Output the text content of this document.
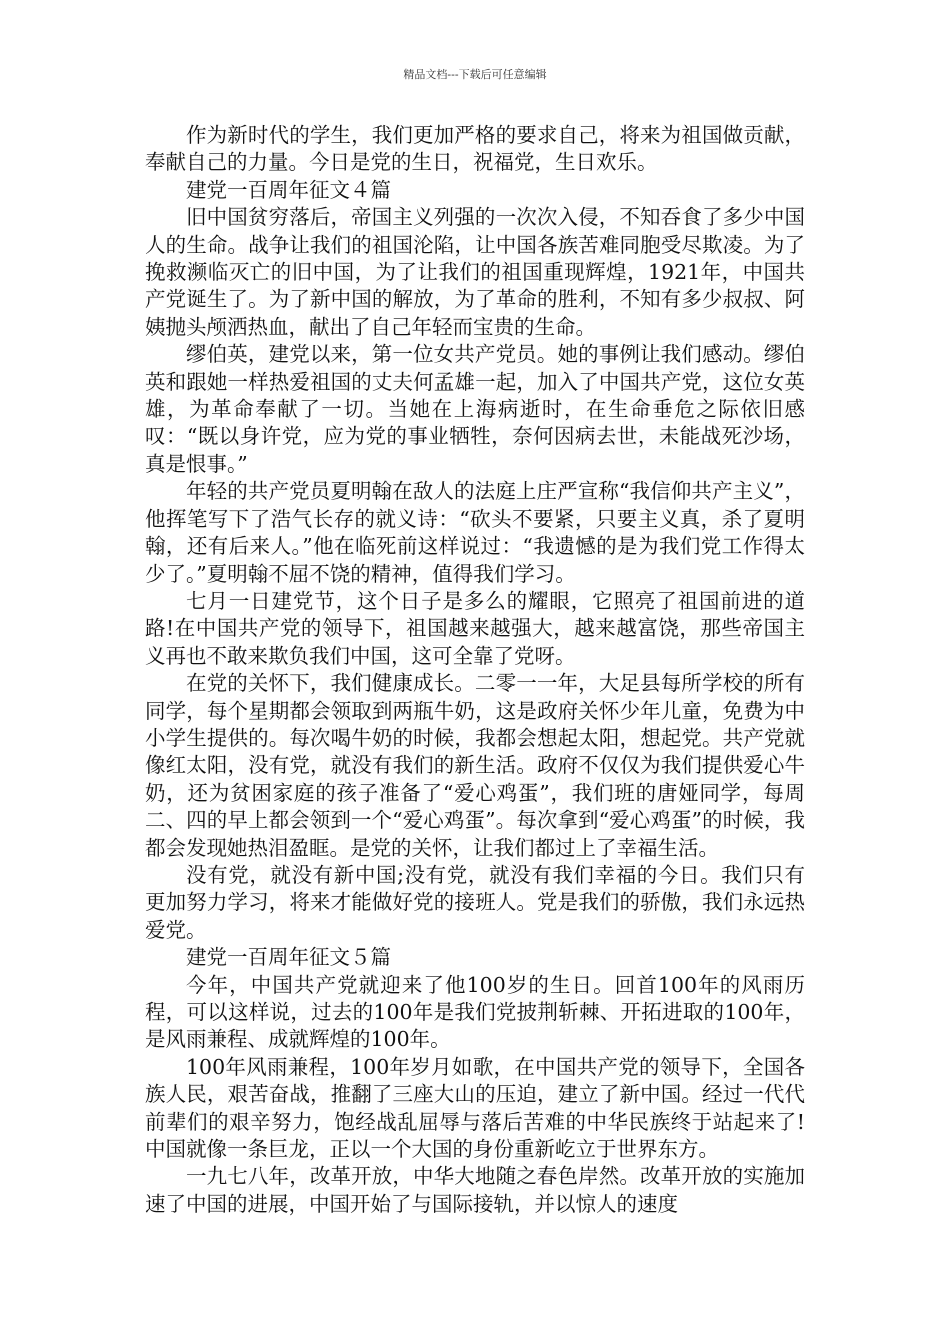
精品文档---下载后可任意编辑

作为新时代的学生，我们更加严格的要求自己，将来为祖国做贡献，奉献自己的力量。今日是党的生日，祝福党，生日欢乐。

建党一百周年征文４篇

旧中国贫穷落后，帝国主义列强的一次次入侵，不知吞食了多少中国人的生命。战争让我们的祖国沦陷，让中国各族苦难同胞受尽欺凌。为了挽救濒临灭亡的旧中国，为了让我们的祖国重现辉煌，1921年，中国共产党诞生了。为了新中国的解放，为了革命的胜利，不知有多少叔叔、阿姨抛头颅洒热血，献出了自己年轻而宝贵的生命。

缪伯英，建党以来，第一位女共产党员。她的事例让我们感动。缪伯英和跟她一样热爱祖国的丈夫何孟雄一起，加入了中国共产党，这位女英雄，为革命奉献了一切。当她在上海病逝时，在生命垂危之际依旧感叹：“既以身许党，应为党的事业牺牲，奈何因病去世，未能战死沙场，真是恨事。”

年轻的共产党员夏明翰在敌人的法庭上庄严宣称“我信仰共产主义”，他挥笔写下了浩气长存的就义诗：“砍头不要紧，只要主义真，杀了夏明翰，还有后来人。”他在临死前这样说过：“我遗憾的是为我们党工作得太少了。”夏明翰不屈不饶的精神，值得我们学习。

七月一日建党节，这个日子是多么的耀眼，它照亮了祖国前进的道路!在中国共产党的领导下，祖国越来越强大，越来越富饶，那些帝国主义再也不敢来欺负我们中国，这可全靠了党呀。

在党的关怀下，我们健康成长。二零一一年，大足县每所学校的所有同学，每个星期都会领取到两瓶牛奶，这是政府关怀少年儿童，免费为中小学生提供的。每次喝牛奶的时候，我都会想起太阳，想起党。共产党就像红太阳，没有党，就没有我们的新生活。政府不仅仅为我们提供爱心牛奶，还为贫困家庭的孩子准备了“爱心鸡蛋”，我们班的唐娅同学，每周二、四的早上都会领到一个“爱心鸡蛋”。每次拿到“爱心鸡蛋”的时候，我都会发现她热泪盈眶。是党的关怀，让我们都过上了幸福生活。

没有党，就没有新中国;没有党，就没有我们幸福的今日。我们只有更加努力学习，将来才能做好党的接班人。党是我们的骄傲，我们永远热爱党。

建党一百周年征文５篇

今年，中国共产党就迎来了他100岁的生日。回首100年的风雨历程，可以这样说，过去的100年是我们党披荆斩棘、开拓进取的100年，是风雨兼程、成就辉煌的100年。

100年风雨兼程，100年岁月如歌，在中国共产党的领导下，全国各族人民，艰苦奋战，推翻了三座大山的压迫，建立了新中国。经过一代代前辈们的艰辛努力，饱经战乱屈辱与落后苦难的中华民族终于站起来了!中国就像一条巨龙，正以一个大国的身份重新屹立于世界东方。

一九七八年，改革开放，中华大地随之春色岸然。改革开放的实施加速了中国的进展，中国开始了与国际接轨，并以惊人的速度
